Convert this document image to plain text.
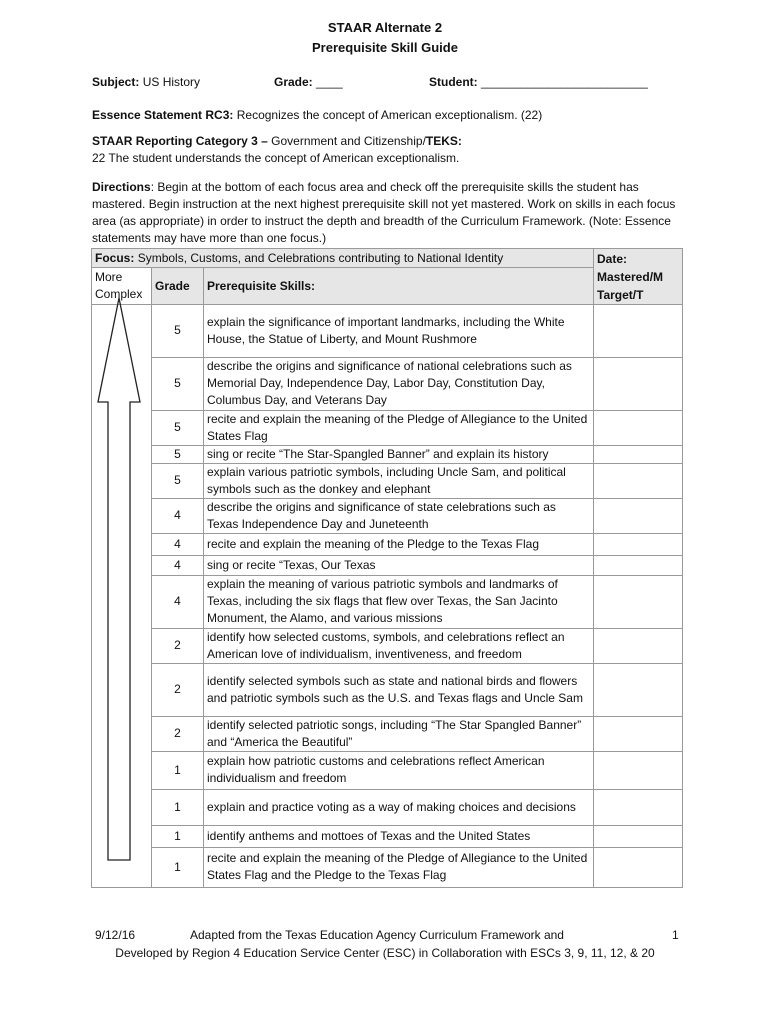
STAAR Alternate 2
Prerequisite Skill Guide
Subject: US History	Grade: ____	Student: _________________________
Essence Statement RC3: Recognizes the concept of American exceptionalism. (22)
STAAR Reporting Category 3 – Government and Citizenship/TEKS:
22 The student understands the concept of American exceptionalism.
Directions: Begin at the bottom of each focus area and check off the prerequisite skills the student has mastered. Begin instruction at the next highest prerequisite skill not yet mastered. Work on skills in each focus area (as appropriate) in order to instruct the depth and breadth of the Curriculum Framework. (Note: Essence statements may have more than one focus.)
Focus: Symbols, Customs, and Celebrations contributing to National Identity			Date: Mastered/M Target/T
More Complex	Grade	Prerequisite Skills:	
	5	explain the significance of important landmarks, including the White House, the Statue of Liberty, and Mount Rushmore	
	5	describe the origins and significance of national celebrations such as Memorial Day, Independence Day, Labor Day, Constitution Day, Columbus Day, and Veterans Day	
	5	recite and explain the meaning of the Pledge of Allegiance to the United States Flag	
	5	sing or recite “The Star-Spangled Banner” and explain its history	
	5	explain various patriotic symbols, including Uncle Sam, and political symbols such as the donkey and elephant	
	4	describe the origins and significance of state celebrations such as Texas Independence Day and Juneteenth	
	4	recite and explain the meaning of the Pledge to the Texas Flag	
	4	sing or recite “Texas, Our Texas	
	4	explain the meaning of various patriotic symbols and landmarks of Texas, including the six flags that flew over Texas, the San Jacinto Monument, the Alamo, and various missions	
	2	identify how selected customs, symbols, and celebrations reflect an American love of individualism, inventiveness, and freedom	
	2	identify selected symbols such as state and national birds and flowers and patriotic symbols such as the U.S. and Texas flags and Uncle Sam	
	2	identify selected patriotic songs, including “The Star Spangled Banner” and “America the Beautiful”	
	1	explain how patriotic customs and celebrations reflect American individualism and freedom	
	1	explain and practice voting as a way of making choices and decisions	
	1	identify anthems and mottoes of Texas and the United States	
	1	recite and explain the meaning of the Pledge of Allegiance to the United States Flag and the Pledge to the Texas Flag	
9/12/16	Adapted from the Texas Education Agency Curriculum Framework and	1
Developed by Region 4 Education Service Center (ESC) in Collaboration with ESCs 3, 9, 11, 12, & 20
